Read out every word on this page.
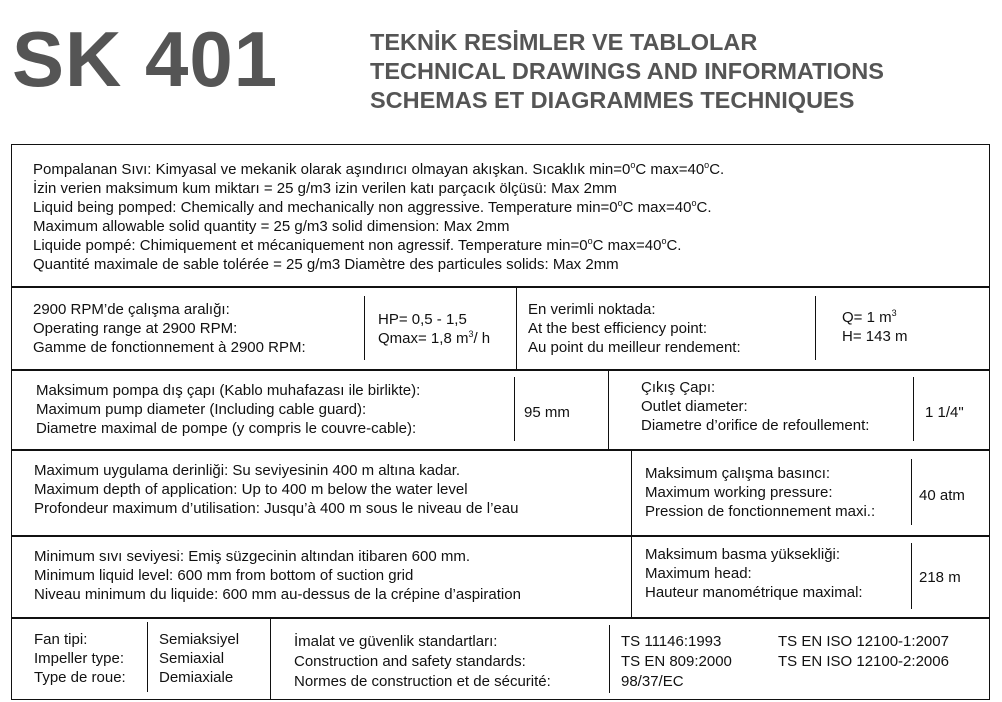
SK 401	TEKNİK RESİMLER VE TABLOLAR
TECHNICAL DRAWINGS AND INFORMATIONS
SCHEMAS ET DIAGRAMMES TECHNIQUES
Pompalanan Sıvı: Kimyasal ve mekanik olarak aşındırıcı olmayan akışkan. Sıcaklık $\min=0^oC$ $\max=40^oC$.
İzin verien maksimum kum miktarı = 25 g/m3 izin verilen katı parçacık ölçüsü: Max 2mm
Liquid being pomped: Chemically and mechanically non aggressive. Temperature $\min=0^oC$ $\max=40^oC$.
Maximum allowable solid quantity = 25 g/m3 solid dimension: Max 2mm
Liquide pompé: Chimiquement et mécaniquement non agressif. Temperature $\min=0^oC$ $\max=40^oC$.
Quantité maximale de sable tolérée = 25 g/m3 Diamètre des particules solids: Max 2mm
2900 RPM’de çalışma aralığı:
Operating range at 2900 RPM:
Gamme de fonctionnement à 2900 RPM:
HP= 0,5 - 1,5
Qmax= 1,8 $m^3/$ h
En verimli noktada:
At the best efficiency point:
Au point du meilleur rendement:
Q= 1 $m^3$
H= 143 m
Maksimum pompa dış çapı (Kablo muhafazası ile birlikte):
Maximum pump diameter (Including cable guard):
Diametre maximal de pompe (y compris le couvre-cable):
95 mm
Çıkış Çapı:
Outlet diameter:
Diametre d’orifice de refoullement:
1 1/4"
Maximum uygulama derinliği: Su seviyesinin 400 m altına kadar.
Maximum depth of application: Up to 400 m below the water level
Profondeur maximum d’utilisation: Jusqu’à 400 m sous le niveau de l’eau
Maksimum çalışma basıncı:
Maximum working pressure:
Pression de fonctionnement maxi.:
40 atm
Minimum sıvı seviyesi: Emiş süzgecinin altından itibaren 600 mm.
Minimum liquid level: 600 mm from bottom of suction grid
Niveau minimum du liquide: 600 mm au-dessus de la crépine d’aspiration
Maksimum basma yüksekliği:
Maximum head:
Hauteur manométrique maximal:
218 m
Fan tipi:
Impeller type:
Type de roue:
Semiaksiyel
Semiaxial
Demiaxiale
İmalat ve güvenlik standartları:
Construction and safety standards:
Normes de construction et de sécurité:
TS 11146:1993
TS EN 809:2000
98/37/EC
TS EN ISO 12100-1:2007
TS EN ISO 12100-2:2006
